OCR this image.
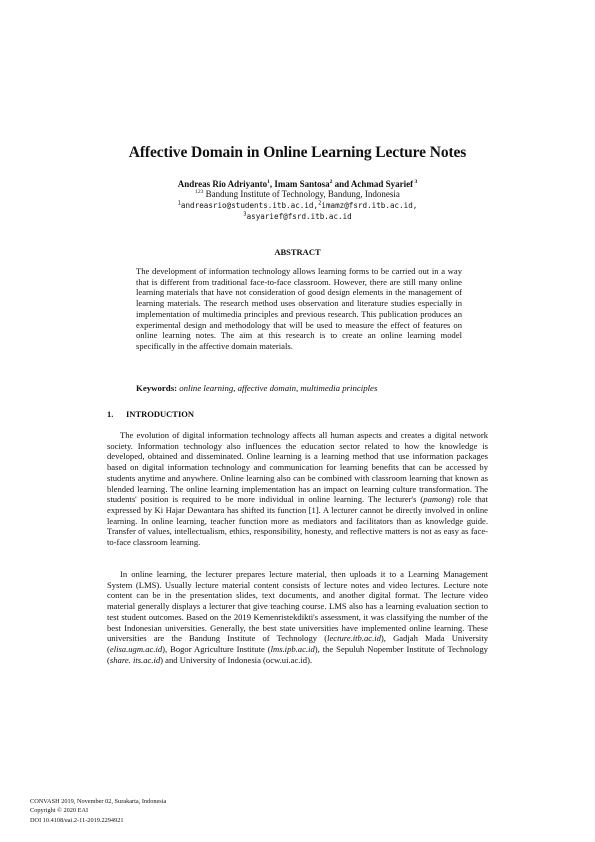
Affective Domain in Online Learning Lecture Notes
Andreas Rio Adriyanto$^1$, Imam Santosa$^2$ and Achmad Syarief $^3$
$^{123}$ Bandung Institute of Technology, Bandung, Indonesia
$^1$andreasrio@students.itb.ac.id,$^2$imamz@fsrd.itb.ac.id,
$^3$asyarief@fsrd.itb.ac.id
ABSTRACT
The development of information technology allows learning forms to be carried out in a way that is different from traditional face-to-face classroom. However, there are still many online learning materials that have not consideration of good design elements in the management of learning materials. The research method uses observation and literature studies especially in implementation of multimedia principles and previous research. This publication produces an experimental design and methodology that will be used to measure the effect of features on online learning notes. The aim at this research is to create an online learning model specifically in the affective domain materials.
Keywords: online learning, affective domain, multimedia principles
1. INTRODUCTION

The evolution of digital information technology affects all human aspects and creates a digital network society. Information technology also influences the education sector related to how the knowledge is developed, obtained and disseminated. Online learning is a learning method that use information packages based on digital information technology and communication for learning benefits that can be accessed by students anytime and anywhere. Online learning also can be combined with classroom learning that known as blended learning. The online learning implementation has an impact on learning culture transformation. The students' position is required to be more individual in online learning. The lecturer's (pamong) role that expressed by Ki Hajar Dewantara has shifted its function [1]. A lecturer cannot be directly involved in online learning. In online learning, teacher function more as mediators and facilitators than as knowledge guide. Transfer of values, intellectualism, ethics, responsibility, honesty, and reflective matters is not as easy as face-to-face classroom learning.

In online learning, the lecturer prepares lecture material, then uploads it to a Learning Management System (LMS). Usually lecture material content consists of lecture notes and video lectures. Lecture note content can be in the presentation slides, text documents, and another digital format. The lecture video material generally displays a lecturer that give teaching course. LMS also has a learning evaluation section to test student outcomes. Based on the 2019 Kemenristekdikti's assessment, it was classifying the number of the best Indonesian universities. Generally, the best state universities have implemented online learning. These universities are the Bandung Institute of Technology (lecture.itb.ac.id), Gadjah Mada University (elisa.ugm.ac.id), Bogor Agriculture Institute (lms.ipb.ac.id), the Sepuluh Nopember Institute of Technology (share. its.ac.id) and University of Indonesia (ocw.ui.ac.id).

CONVASH 2019, November 02, Surakarta, Indonesia
Copyright © 2020 EAI
DOI 10.4108/eai.2-11-2019.2294921
